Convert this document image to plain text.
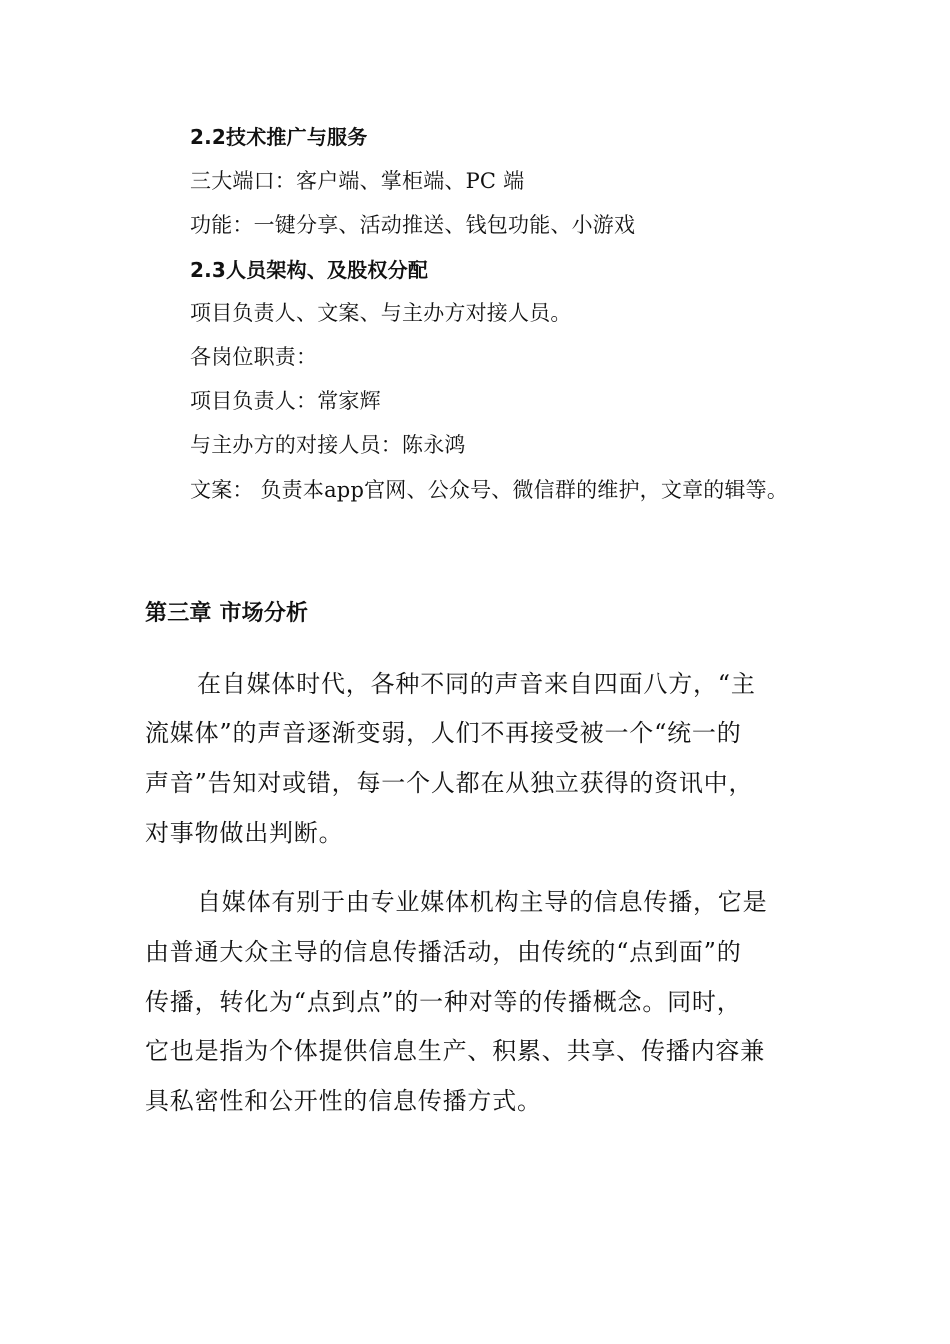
2.2技术推广与服务
三大端口：客户端、掌柜端、PC 端
功能：一键分享、活动推送、钱包功能、小游戏
2.3人员架构、及股权分配
项目负责人、文案、与主办方对接人员。
各岗位职责：
项目负责人：常家辉
与主办方的对接人员：陈永鸿
文案： 负责本app官网、公众号、微信群的维护，文章的辑等。
第三章 市场分析
在自媒体时代，各种不同的声音来自四面八方，“主
流媒体”的声音逐渐变弱，人们不再接受被一个“统一的
声音”告知对或错，每一个人都在从独立获得的资讯中，
对事物做出判断。
自媒体有别于由专业媒体机构主导的信息传播，它是
由普通大众主导的信息传播活动，由传统的“点到面”的
传播，转化为“点到点”的一种对等的传播概念。同时，
它也是指为个体提供信息生产、积累、共享、传播内容兼
具私密性和公开性的信息传播方式。
